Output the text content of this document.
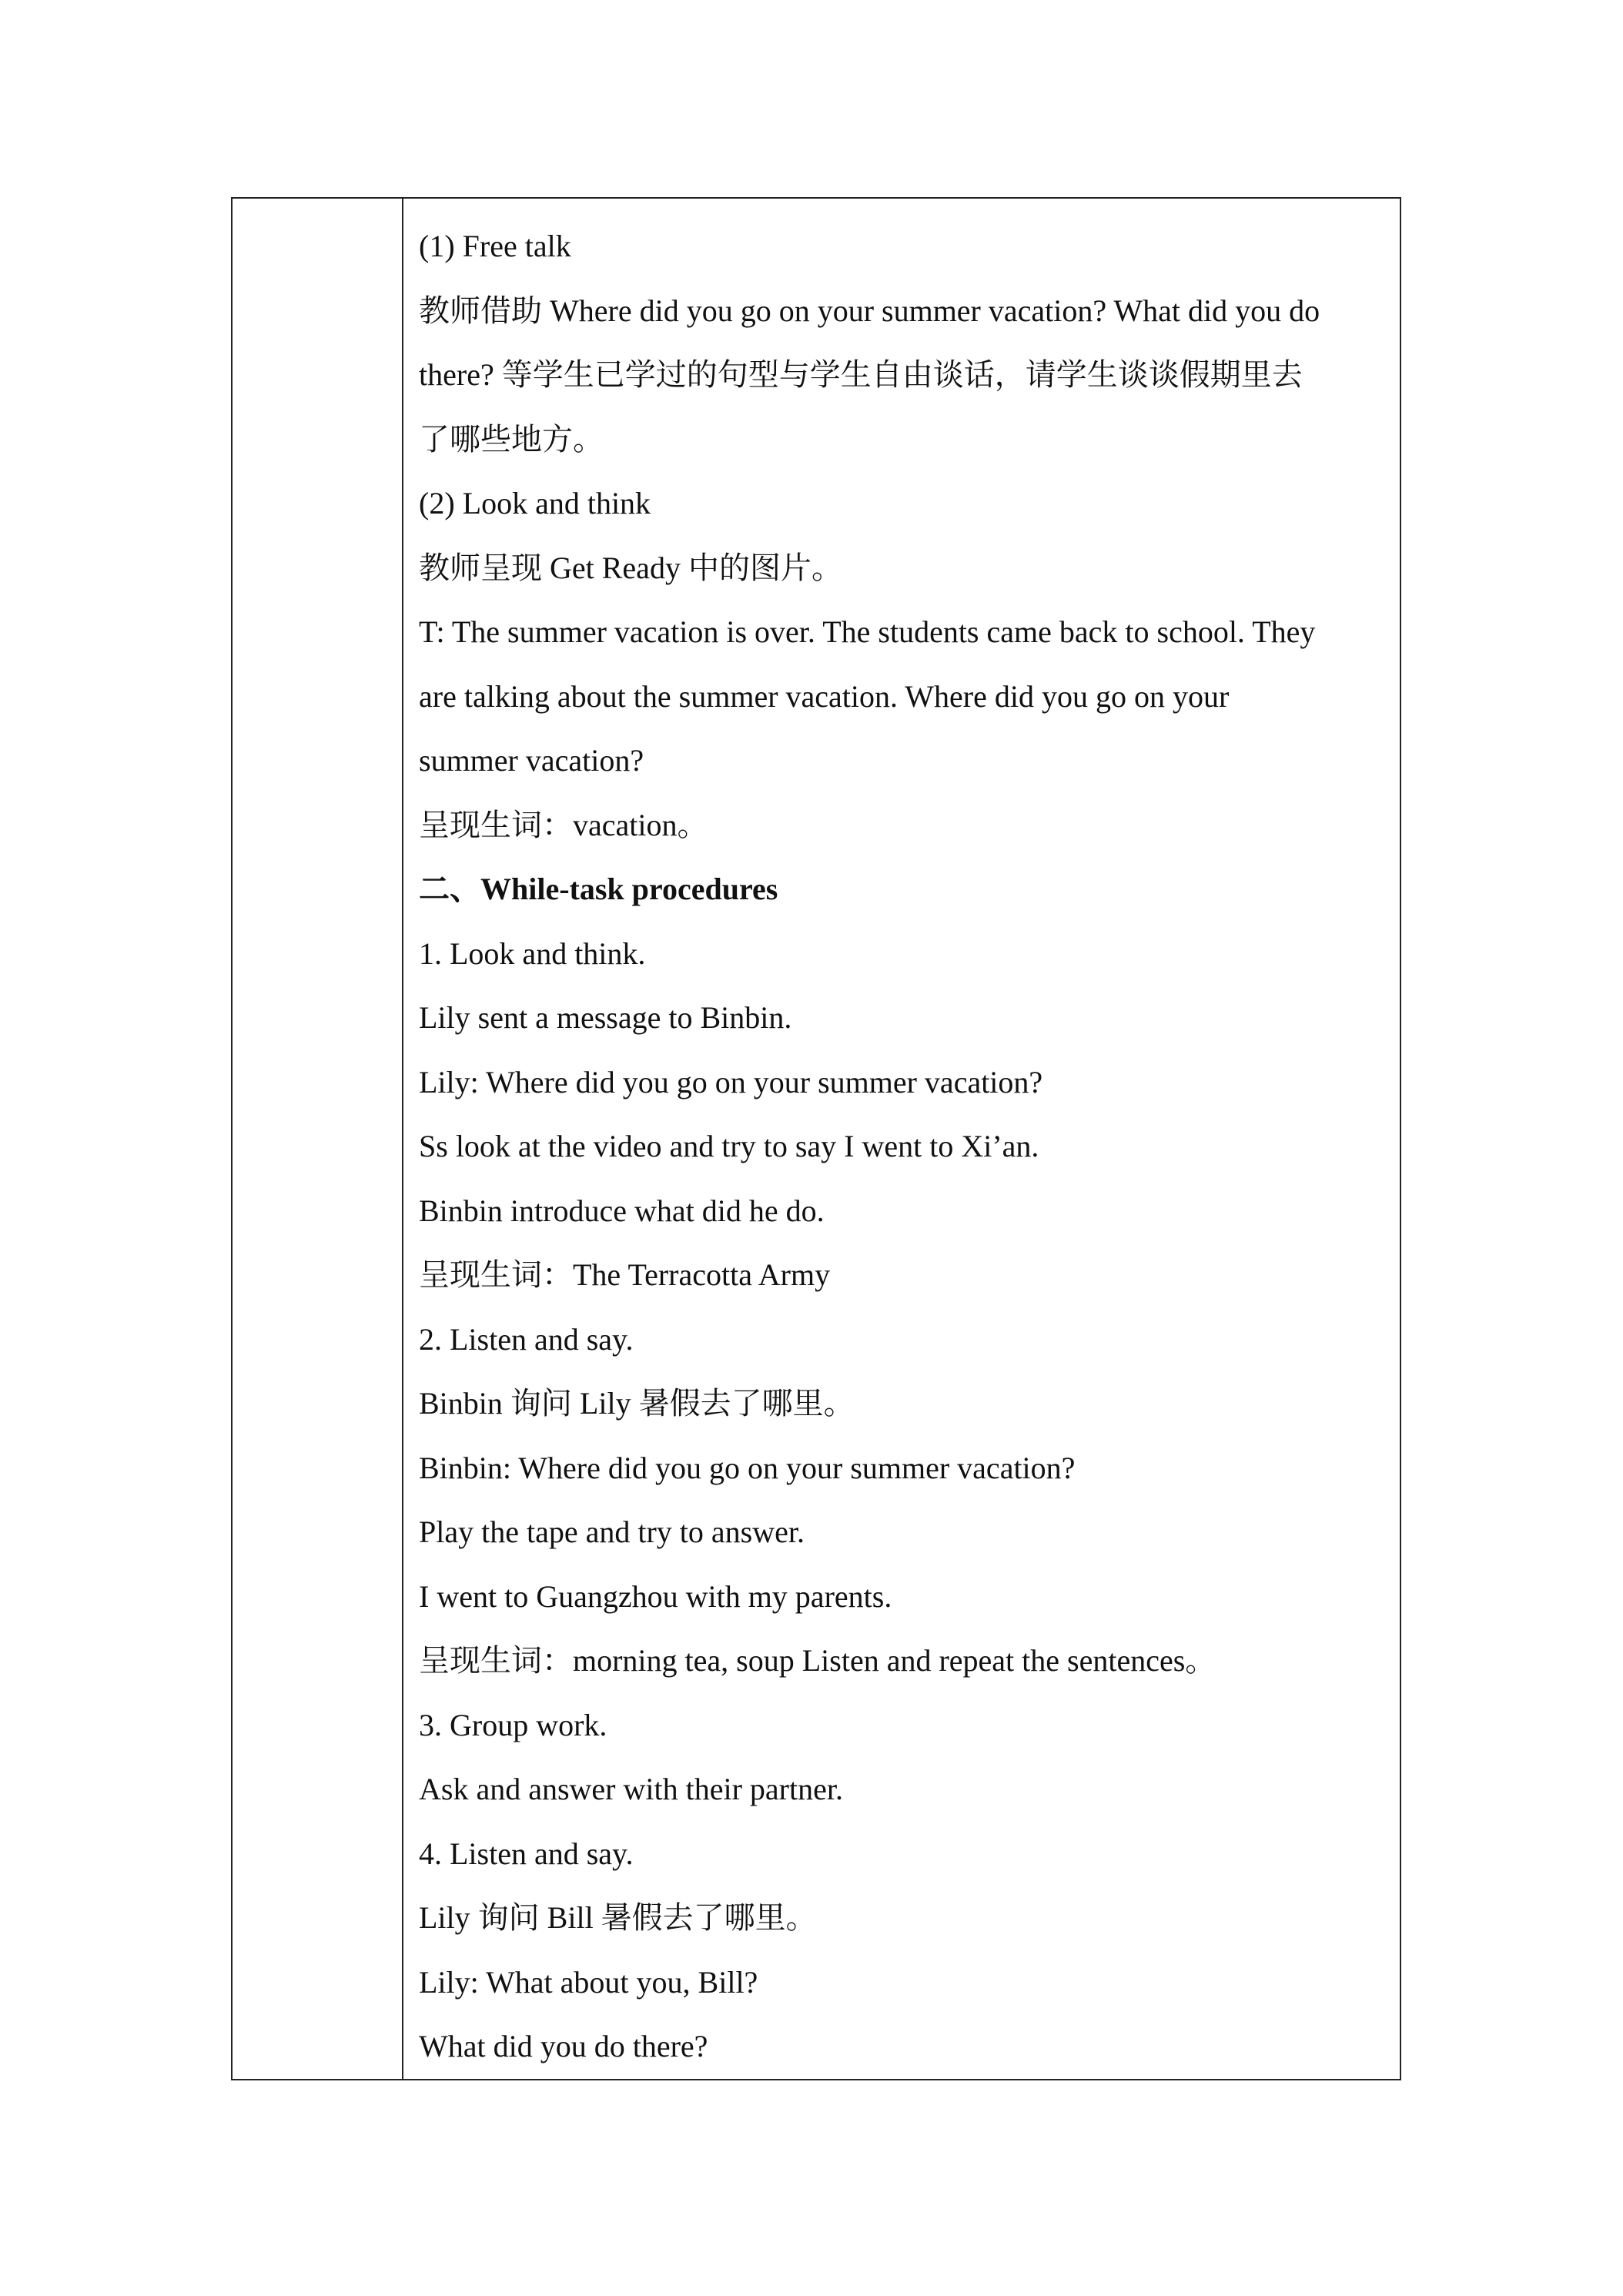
(1) Free talk
教师借助 Where did you go on your summer vacation? What did you do
there? 等学生已学过的句型与学生自由谈话，请学生谈谈假期里去
了哪些地方。
(2) Look and think
教师呈现 Get Ready 中的图片。
T: The summer vacation is over. The students came back to school. They
are talking about the summer vacation. Where did you go on your
summer vacation?
呈现生词：vacation。
二、While-task procedures
1. Look and think.
Lily sent a message to Binbin.
Lily: Where did you go on your summer vacation?
Ss look at the video and try to say I went to Xi’an.
Binbin introduce what did he do.
呈现生词：The Terracotta Army
2. Listen and say.
Binbin 询问 Lily 暑假去了哪里。
Binbin: Where did you go on your summer vacation?
Play the tape and try to answer.
I went to Guangzhou with my parents.
呈现生词：morning tea, soup Listen and repeat the sentences。
3. Group work.
Ask and answer with their partner.
4. Listen and say.
Lily 询问 Bill 暑假去了哪里。
Lily: What about you, Bill?
What did you do there?
